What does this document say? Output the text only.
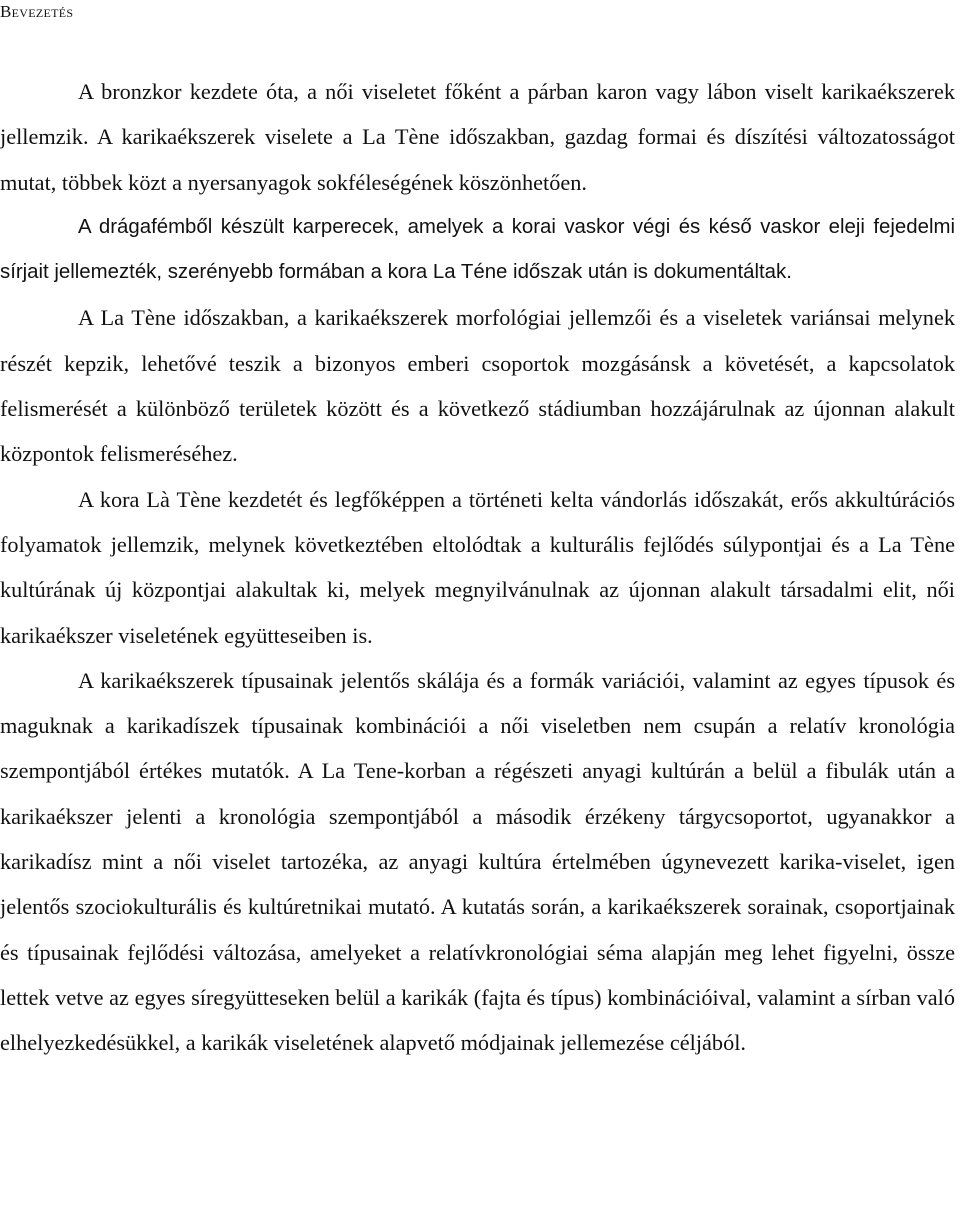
Bevezetés

A bronzkor kezdete óta, a női viseletet főként a párban karon vagy lábon viselt karikaékszerek jellemzik. A karikaékszerek viselete a La Tène időszakban, gazdag formai és díszítési változatosságot mutat, többek közt a nyersanyagok sokféleségének köszönhetően.

A drágafémből készült karperecek, amelyek a korai vaskor végi és késő vaskor eleji fejedelmi sírjait jellemezték, szerényebb formában a kora La Téne időszak után is dokumentáltak.

A La Tène időszakban, a karikaékszerek morfológiai jellemzői és a viseletek variánsai melynek részét kepzik, lehetővé teszik a bizonyos emberi csoportok mozgásánsk a követését, a kapcsolatok felismerését a különböző területek között és a következő stádiumban hozzájárulnak az újonnan alakult központok felismeréséhez.

A kora Là Tène kezdetét és legfőképpen a történeti kelta vándorlás időszakát, erős akkultúrációs folyamatok jellemzik, melynek következtében eltolódtak a kulturális fejlődés súlypontjai és a La Tène kultúrának új központjai alakultak ki, melyek megnyilvánulnak az újonnan alakult társadalmi elit, női karikaékszer viseletének együtteseiben is.

A karikaékszerek típusainak jelentős skálája és a formák variációi, valamint az egyes típusok és maguknak a karikadíszek típusainak kombinációi a női viseletben nem csupán a relatív kronológia szempontjából értékes mutatók. A La Tene-korban a régészeti anyagi kultúrán a belül a fibulák után a karikaékszer jelenti a kronológia szempontjából a második érzékeny tárgycsoportot, ugyanakkor a karikadísz mint a női viselet tartozéka, az anyagi kultúra értelmében úgynevezett karika-viselet, igen jelentős szociokulturális és kultúretnikai mutató. A kutatás során, a karikaékszerek sorainak, csoportjainak és típusainak fejlődési változása, amelyeket a relatívkronológiai séma alapján meg lehet figyelni, össze lettek vetve az egyes síregyütteseken belül a karikák (fajta és típus) kombinációival, valamint a sírban való elhelyezkedésükkel, a karikák viseletének alapvető módjainak jellemezése céljából.
